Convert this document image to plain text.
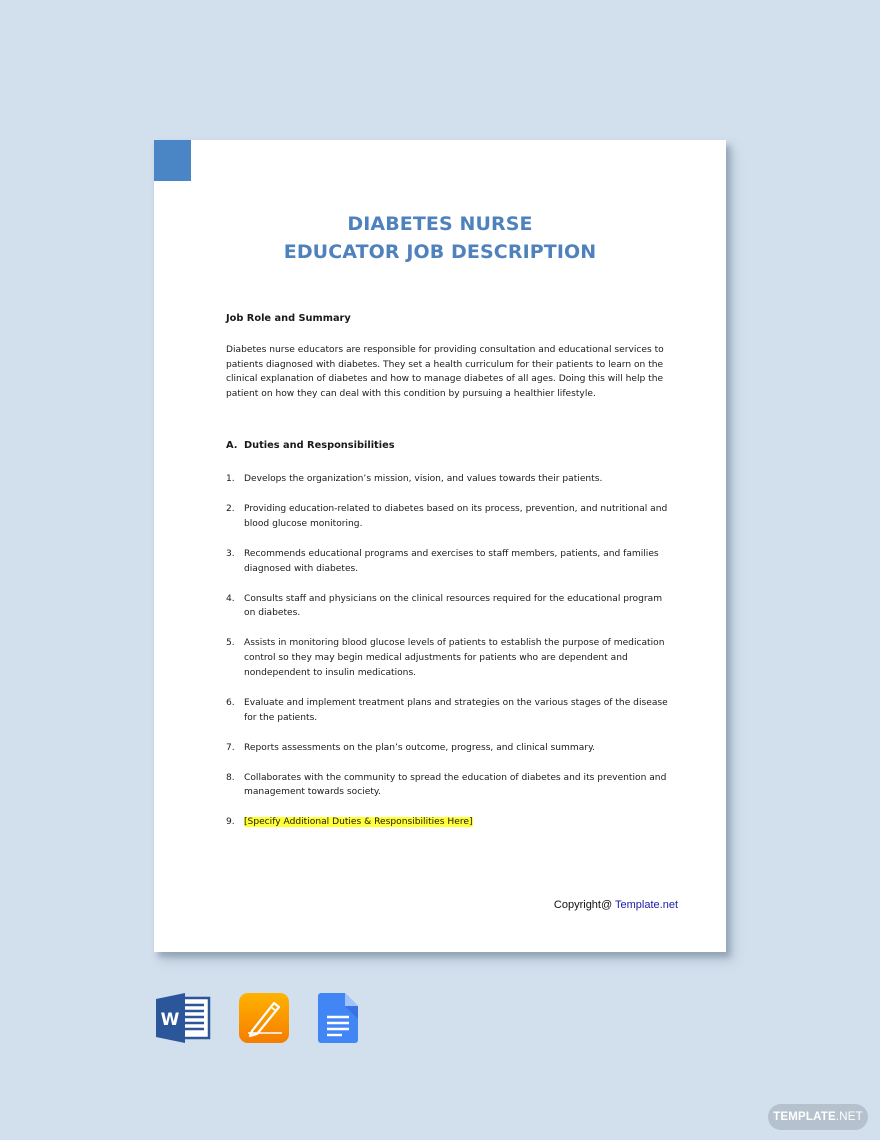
DIABETES NURSE
EDUCATOR JOB DESCRIPTION

Job Role and Summary

Diabetes nurse educators are responsible for providing consultation and educational services to patients diagnosed with diabetes. They set a health curriculum for their patients to learn on the clinical explanation of diabetes and how to manage diabetes of all ages. Doing this will help the patient on how they can deal with this condition by pursuing a healthier lifestyle.

A. Duties and Responsibilities
1.	Develops the organization’s mission, vision, and values towards their patients.
2.	Providing education-related to diabetes based on its process, prevention, and nutritional and blood glucose monitoring.
3.	Recommends educational programs and exercises to staff members, patients, and families diagnosed with diabetes.
4.	Consults staff and physicians on the clinical resources required for the educational program on diabetes.
5.	Assists in monitoring blood glucose levels of patients to establish the purpose of medication control so they may begin medical adjustments for patients who are dependent and nondependent to insulin medications.
6.	Evaluate and implement treatment plans and strategies on the various stages of the disease for the patients.
7.	Reports assessments on the plan’s outcome, progress, and clinical summary.
8.	Collaborates with the community to spread the education of diabetes and its prevention and management towards society.
9.	[Specify Additional Duties & Responsibilities Here]
Copyright@ Template.net
W
TEMPLATE.NET
